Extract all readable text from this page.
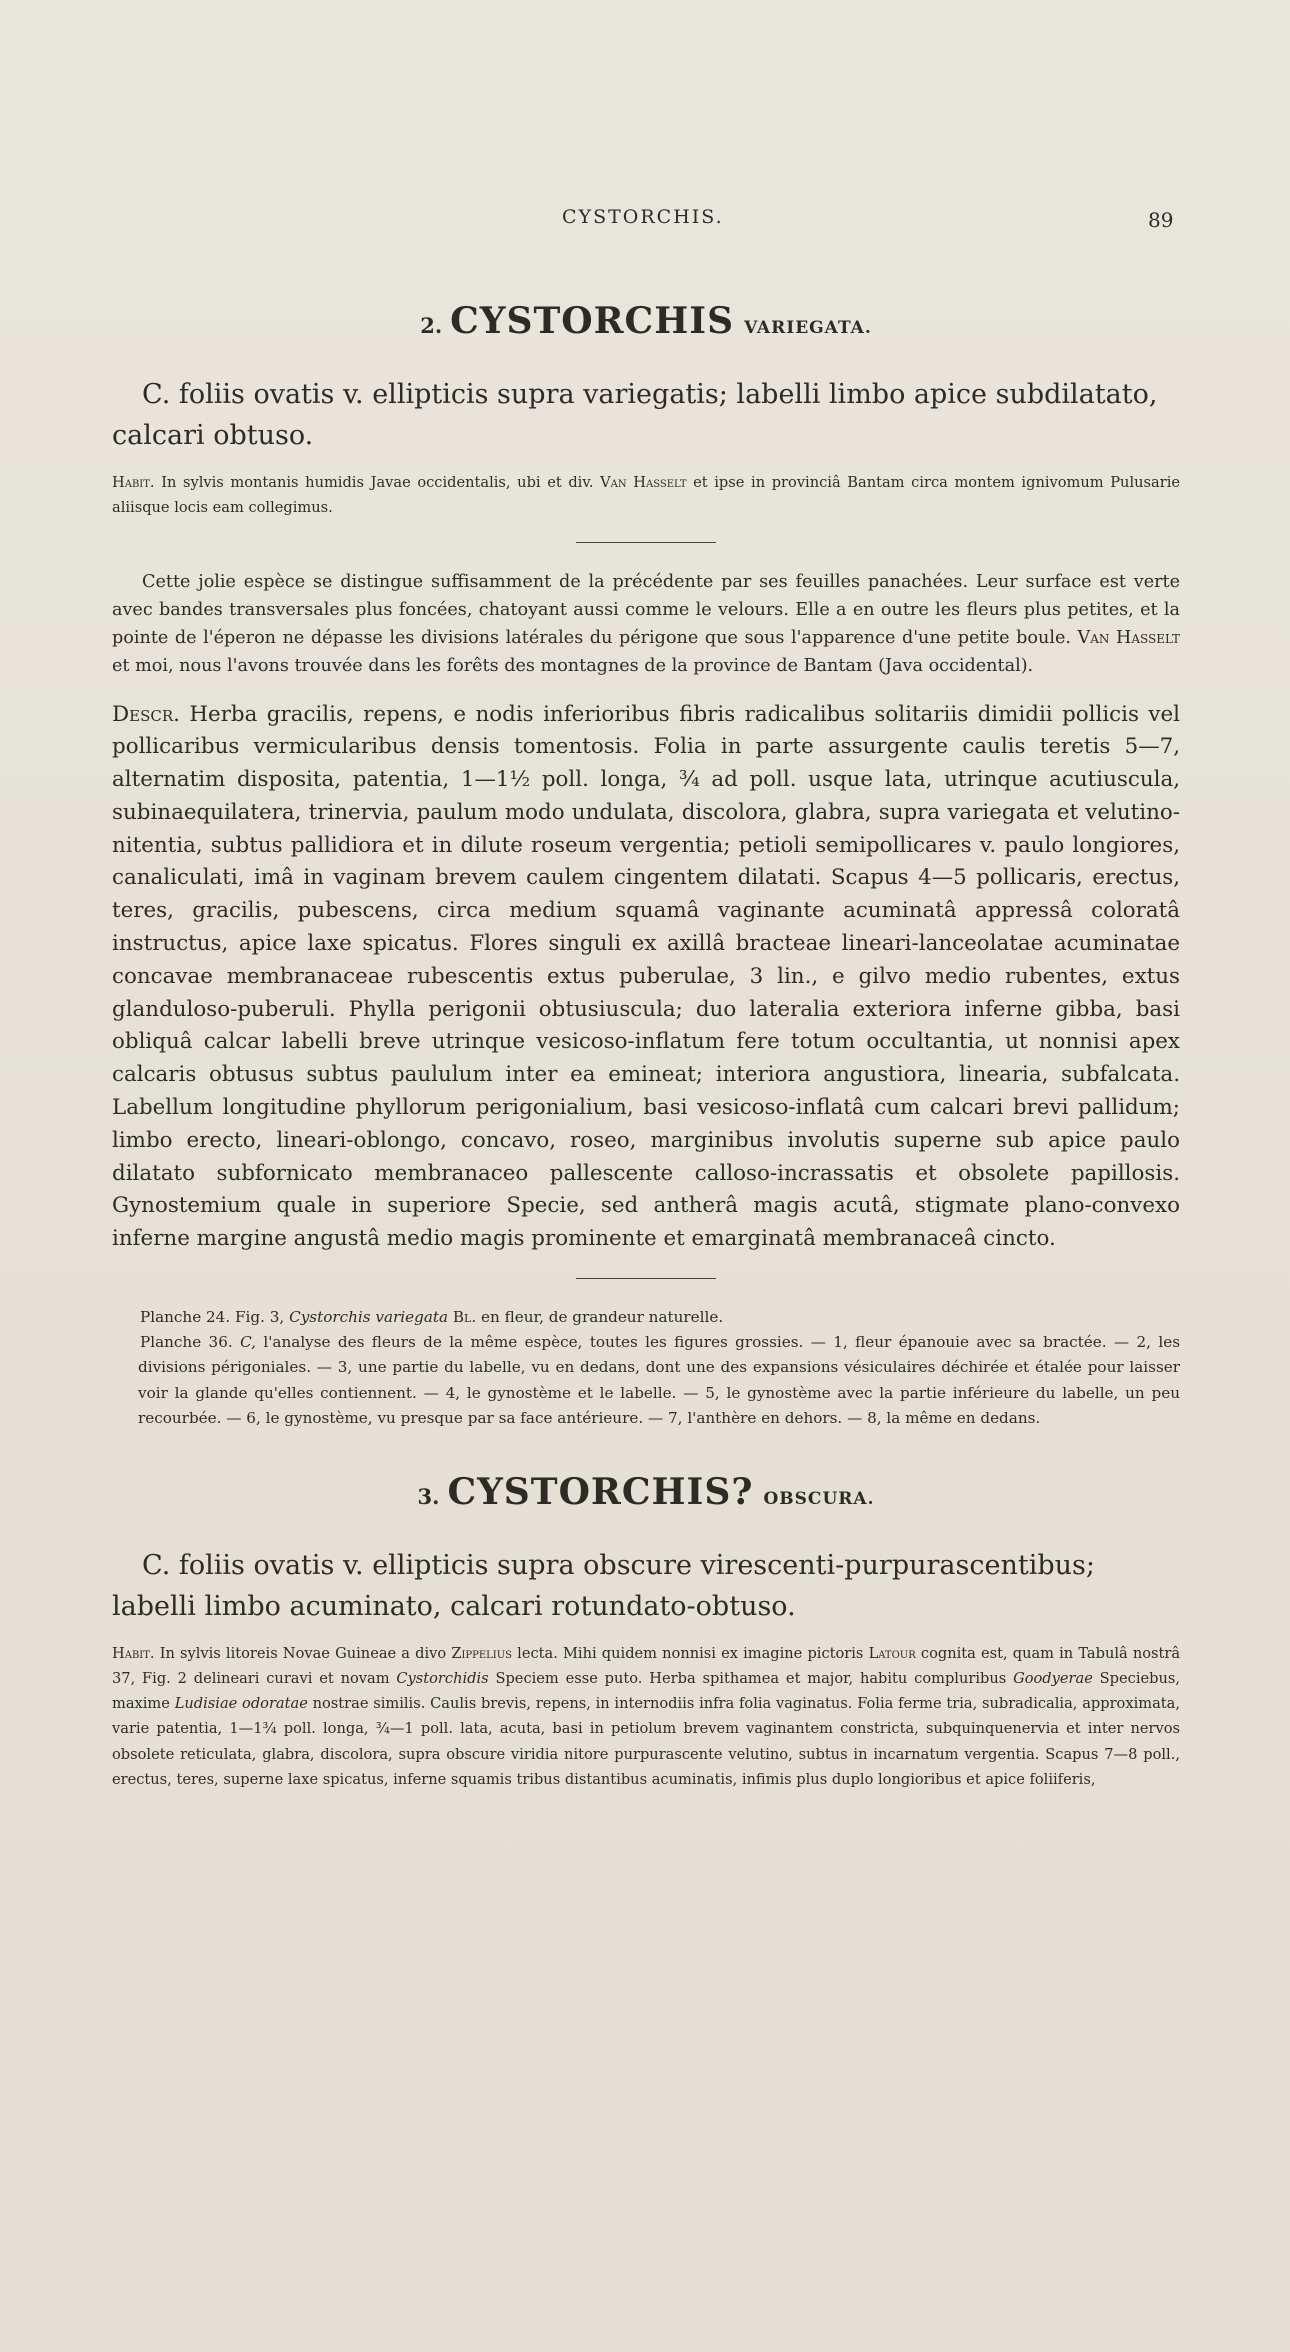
CYSTORCHIS.	89
2. CYSTORCHIS VARIEGATA.

C. foliis ovatis v. ellipticis supra variegatis; labelli limbo apice subdilatato, calcari obtuso.

Habit. In sylvis montanis humidis Javae occidentalis, ubi et div. Van Hasselt et ipse in provinciâ Bantam circa montem ignivomum Pulusarie aliisque locis eam collegimus.

Cette jolie espèce se distingue suffisamment de la précédente par ses feuilles panachées. Leur surface est verte avec bandes transversales plus foncées, chatoyant aussi comme le velours. Elle a en outre les fleurs plus petites, et la pointe de l'éperon ne dépasse les divisions latérales du périgone que sous l'apparence d'une petite boule. Van Hasselt et moi, nous l'avons trouvée dans les forêts des montagnes de la province de Bantam (Java occidental).

Descr. Herba gracilis, repens, e nodis inferioribus fibris radicalibus solitariis dimidii pollicis vel pollicaribus vermicularibus densis tomentosis. Folia in parte assurgente caulis teretis 5—7, alternatim disposita, patentia, 1—1½ poll. longa, ¾ ad poll. usque lata, utrinque acutiuscula, subinaequilatera, trinervia, paulum modo undulata, discolora, glabra, supra variegata et velutino-nitentia, subtus pallidiora et in dilute roseum vergentia; petioli semipollicares v. paulo longiores, canaliculati, imâ in vaginam brevem caulem cingentem dilatati. Scapus 4—5 pollicaris, erectus, teres, gracilis, pubescens, circa medium squamâ vaginante acuminatâ appressâ coloratâ instructus, apice laxe spicatus. Flores singuli ex axillâ bracteae lineari-lanceolatae acuminatae concavae membranaceae rubescentis extus puberulae, 3 lin., e gilvo medio rubentes, extus glanduloso-puberuli. Phylla perigonii obtusiuscula; duo lateralia exteriora inferne gibba, basi obliquâ calcar labelli breve utrinque vesicoso-inflatum fere totum occultantia, ut nonnisi apex calcaris obtusus subtus paululum inter ea emineat; interiora angustiora, linearia, subfalcata. Labellum longitudine phyllorum perigonialium, basi vesicoso-inflatâ cum calcari brevi pallidum; limbo erecto, lineari-oblongo, concavo, roseo, marginibus involutis superne sub apice paulo dilatato subfornicato membranaceo pallescente calloso-incrassatis et obsolete papillosis. Gynostemium quale in superiore Specie, sed antherâ magis acutâ, stigmate plano-convexo inferne margine angustâ medio magis prominente et emarginatâ membranaceâ cincto.

Planche 24. Fig. 3, Cystorchis variegata Bl. en fleur, de grandeur naturelle.

Planche 36. C, l'analyse des fleurs de la même espèce, toutes les figures grossies. — 1, fleur épanouie avec sa bractée. — 2, les divisions périgoniales. — 3, une partie du labelle, vu en dedans, dont une des expansions vésiculaires déchirée et étalée pour laisser voir la glande qu'elles contiennent. — 4, le gynostème et le labelle. — 5, le gynostème avec la partie inférieure du labelle, un peu recourbée. — 6, le gynostème, vu presque par sa face antérieure. — 7, l'anthère en dehors. — 8, la même en dedans.

3. CYSTORCHIS? OBSCURA.

C. foliis ovatis v. ellipticis supra obscure virescenti-purpurascentibus; labelli limbo acuminato, calcari rotundato-obtuso.

Habit. In sylvis litoreis Novae Guineae a divo Zippelius lecta. Mihi quidem nonnisi ex imagine pictoris Latour cognita est, quam in Tabulâ nostrâ 37, Fig. 2 delineari curavi et novam Cystorchidis Speciem esse puto. Herba spithamea et major, habitu compluribus Goodyerae Speciebus, maxime Ludisiae odoratae nostrae similis. Caulis brevis, repens, in internodiis infra folia vaginatus. Folia ferme tria, subradicalia, approximata, varie patentia, 1—1¾ poll. longa, ¾—1 poll. lata, acuta, basi in petiolum brevem vaginantem constricta, subquinquenervia et inter nervos obsolete reticulata, glabra, discolora, supra obscure viridia nitore purpurascente velutino, subtus in incarnatum vergentia. Scapus 7—8 poll., erectus, teres, superne laxe spicatus, inferne squamis tribus distantibus acuminatis, infimis plus duplo longioribus et apice foliiferis,
